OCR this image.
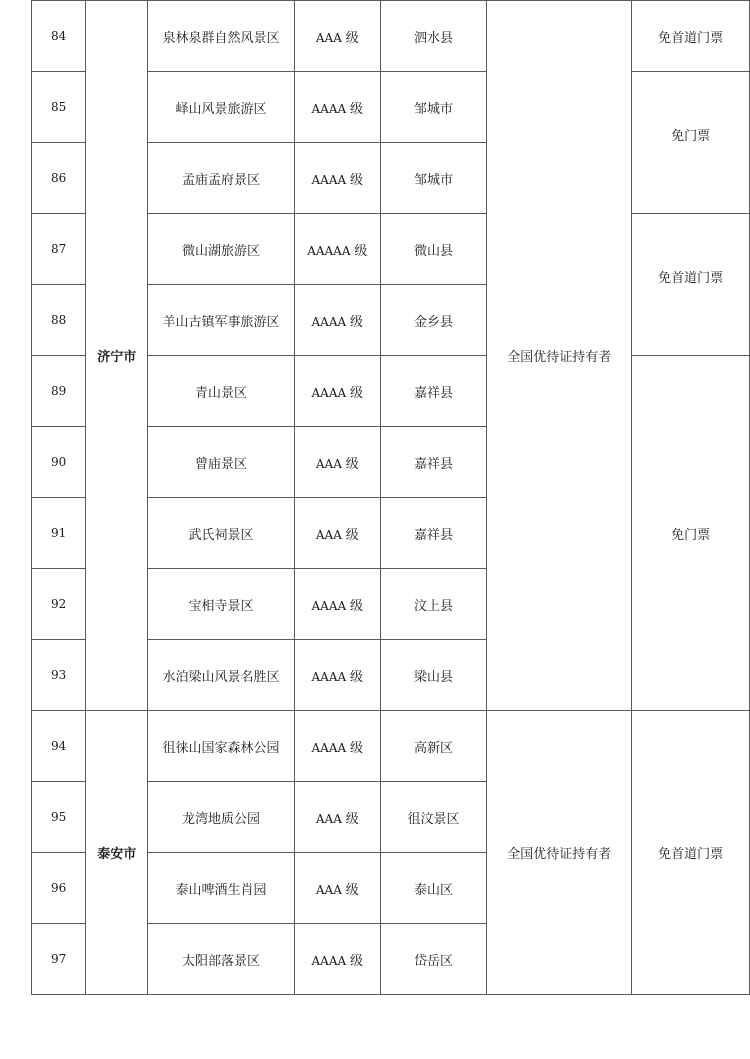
84	济宁市	泉林泉群自然风景区	AAA 级	泗水县	全国优待证持有者	免首道门票
85		峄山风景旅游区	AAAA 级	邹城市		免门票
86		孟庙孟府景区	AAAA 级	邹城市		
87		微山湖旅游区	AAAAA 级	微山县		免首道门票
88		羊山古镇军事旅游区	AAAA 级	金乡县		
89		青山景区	AAAA 级	嘉祥县		免门票
90		曾庙景区	AAA 级	嘉祥县		
91		武氏祠景区	AAA 级	嘉祥县		
92		宝相寺景区	AAAA 级	汶上县		
93		水泊梁山风景名胜区	AAAA 级	梁山县		
94	泰安市	徂徕山国家森林公园	AAAA 级	高新区	全国优待证持有者	免首道门票
95		龙湾地质公园	AAA 级	徂汶景区		
96		泰山啤酒生肖园	AAA 级	泰山区		
97		太阳部落景区	AAAA 级	岱岳区		
